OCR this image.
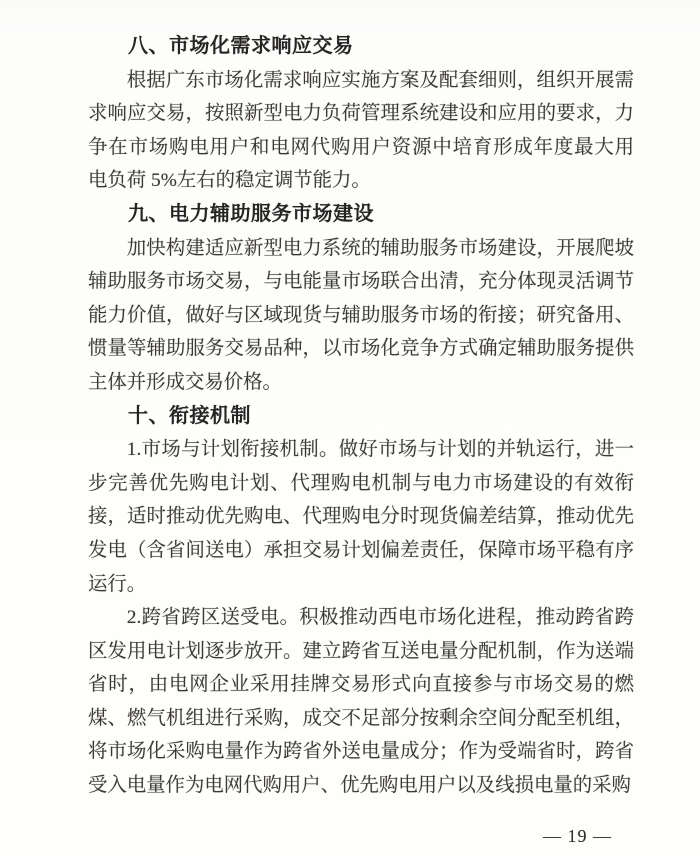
八、市场化需求响应交易
根据广东市场化需求响应实施方案及配套细则，组织开展需
求响应交易，按照新型电力负荷管理系统建设和应用的要求，力
争在市场购电用户和电网代购用户资源中培育形成年度最大用
电负荷 5%左右的稳定调节能力。
九、电力辅助服务市场建设
加快构建适应新型电力系统的辅助服务市场建设，开展爬坡
辅助服务市场交易，与电能量市场联合出清，充分体现灵活调节
能力价值，做好与区域现货与辅助服务市场的衔接；研究备用、
惯量等辅助服务交易品种，以市场化竞争方式确定辅助服务提供
主体并形成交易价格。
十、衔接机制
1.市场与计划衔接机制。做好市场与计划的并轨运行，进一
步完善优先购电计划、代理购电机制与电力市场建设的有效衔
接，适时推动优先购电、代理购电分时现货偏差结算，推动优先
发电（含省间送电）承担交易计划偏差责任，保障市场平稳有序
运行。
2.跨省跨区送受电。积极推动西电市场化进程，推动跨省跨
区发用电计划逐步放开。建立跨省互送电量分配机制，作为送端
省时，由电网企业采用挂牌交易形式向直接参与市场交易的燃
煤、燃气机组进行采购，成交不足部分按剩余空间分配至机组，
将市场化采购电量作为跨省外送电量成分；作为受端省时，跨省
受入电量作为电网代购用户、优先购电用户以及线损电量的采购
— 19 —
